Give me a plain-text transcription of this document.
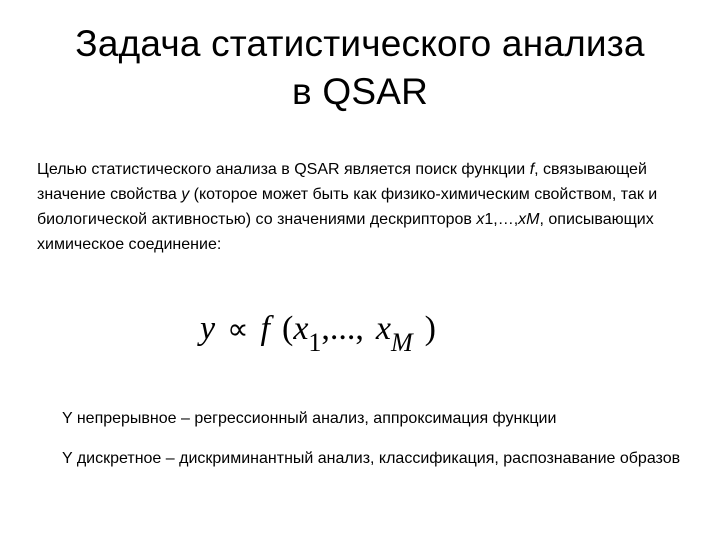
Задача статистического анализа
в QSAR
Целью статистического анализа в QSAR является поиск функции f, связывающей значение свойства y (которое может быть как физико-химическим свойством, так и биологической активностью) со значениями дескрипторов x1,…,xM, описывающих химическое соединение:
y ∝ f ($x_1$,..., $x_M$ )
Y непрерывное – регрессионный анализ, аппроксимация функции
Y дискретное – дискриминантный анализ, классификация, распознавание образов
